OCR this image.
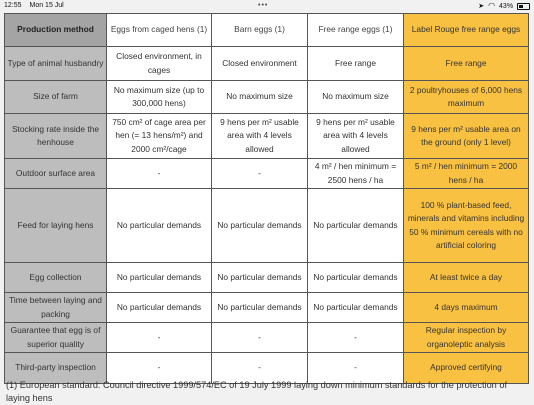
12:55 Mon 15 Jul	•••	➤ ◠ 43%
Production method	Eggs from caged hens (1)	Barn eggs (1)	Free range eggs (1)	Label Rouge free range eggs
Type of animal husbandry	Closed environment, in cages	Closed environment	Free range	Free range
Size of farm	No maximum size (up to 300,000 hens)	No maximum size	No maximum size	2 poultryhouses of 6,000 hens maximum
Stocking rate inside the henhouse	750 cm² of cage area per hen (= 13 hens/m²) and 2000 cm²/cage	9 hens per m² usable area with 4 levels allowed	9 hens per m² usable area with 4 levels allowed	9 hens per m² usable area on the ground (only 1 level)
Outdoor surface area	-	-	4 m² / hen minimum = 2500 hens / ha	5 m² / hen minimum = 2000 hens / ha
Feed for laying hens	No particular demands	No particular demands	No particular demands	100 % plant-based feed, minerals and vitamins including 50 % minimum cereals with no artificial coloring
Egg collection	No particular demands	No particular demands	No particular demands	At least twice a day
Time between laying and packing	No particular demands	No particular demands	No particular demands	4 days maximum
Guarantee that egg is of superior quality	-	-	-	Regular inspection by organoleptic analysis
Third-party inspection	-	-	-	Approved certifying
(1) European standard: Council directive 1999/574/EC of 19 July 1999 laying down minimum standards for the protection of laying hens
